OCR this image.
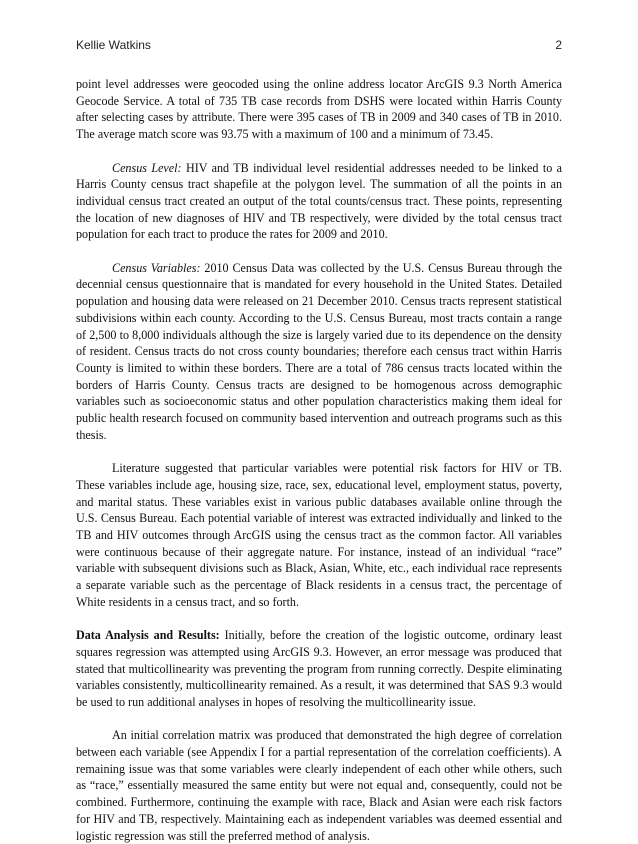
Kellie Watkins	2

point level addresses were geocoded using the online address locator ArcGIS 9.3 North America Geocode Service. A total of 735 TB case records from DSHS were located within Harris County after selecting cases by attribute. There were 395 cases of TB in 2009 and 340 cases of TB in 2010. The average match score was 93.75 with a maximum of 100 and a minimum of 73.45.

Census Level: HIV and TB individual level residential addresses needed to be linked to a Harris County census tract shapefile at the polygon level. The summation of all the points in an individual census tract created an output of the total counts/census tract. These points, representing the location of new diagnoses of HIV and TB respectively, were divided by the total census tract population for each tract to produce the rates for 2009 and 2010.

Census Variables: 2010 Census Data was collected by the U.S. Census Bureau through the decennial census questionnaire that is mandated for every household in the United States. Detailed population and housing data were released on 21 December 2010. Census tracts represent statistical subdivisions within each county. According to the U.S. Census Bureau, most tracts contain a range of 2,500 to 8,000 individuals although the size is largely varied due to its dependence on the density of resident. Census tracts do not cross county boundaries; therefore each census tract within Harris County is limited to within these borders. There are a total of 786 census tracts located within the borders of Harris County. Census tracts are designed to be homogenous across demographic variables such as socioeconomic status and other population characteristics making them ideal for public health research focused on community based intervention and outreach programs such as this thesis.

Literature suggested that particular variables were potential risk factors for HIV or TB. These variables include age, housing size, race, sex, educational level, employment status, poverty, and marital status. These variables exist in various public databases available online through the U.S. Census Bureau. Each potential variable of interest was extracted individually and linked to the TB and HIV outcomes through ArcGIS using the census tract as the common factor. All variables were continuous because of their aggregate nature. For instance, instead of an individual “race” variable with subsequent divisions such as Black, Asian, White, etc., each individual race represents a separate variable such as the percentage of Black residents in a census tract, the percentage of White residents in a census tract, and so forth.

Data Analysis and Results: Initially, before the creation of the logistic outcome, ordinary least squares regression was attempted using ArcGIS 9.3. However, an error message was produced that stated that multicollinearity was preventing the program from running correctly. Despite eliminating variables consistently, multicollinearity remained. As a result, it was determined that SAS 9.3 would be used to run additional analyses in hopes of resolving the multicollinearity issue.

An initial correlation matrix was produced that demonstrated the high degree of correlation between each variable (see Appendix I for a partial representation of the correlation coefficients). A remaining issue was that some variables were clearly independent of each other while others, such as “race,” essentially measured the same entity but were not equal and, consequently, could not be combined. Furthermore, continuing the example with race, Black and Asian were each risk factors for HIV and TB, respectively. Maintaining each as independent variables was deemed essential and logistic regression was still the preferred method of analysis.
